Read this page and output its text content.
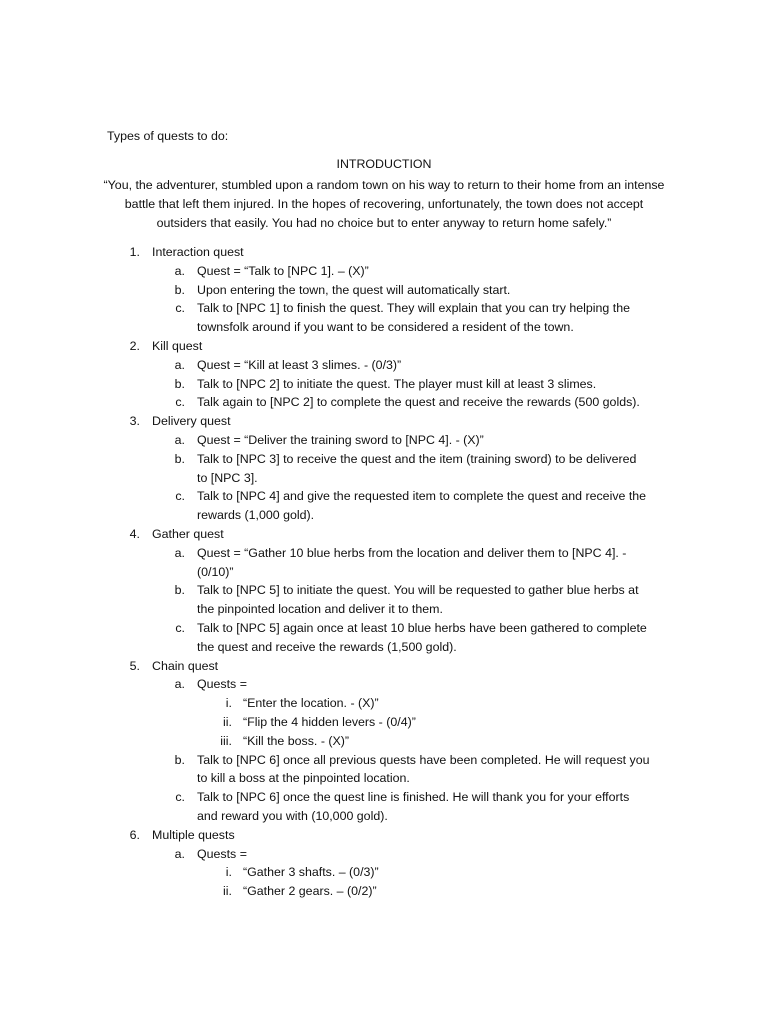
Types of quests to do:

INTRODUCTION

“You, the adventurer, stumbled upon a random town on his way to return to their home from an intense battle that left them injured. In the hopes of recovering, unfortunately, the town does not accept outsiders that easily. You had no choice but to enter anyway to return home safely.”

1. Interaction quest
a. Quest = “Talk to [NPC 1]. – (X)”
b. Upon entering the town, the quest will automatically start.
c. Talk to [NPC 1] to finish the quest. They will explain that you can try helping the
townsfolk around if you want to be considered a resident of the town.
2. Kill quest
a. Quest = “Kill at least 3 slimes. - (0/3)”
b. Talk to [NPC 2] to initiate the quest. The player must kill at least 3 slimes.
c. Talk again to [NPC 2] to complete the quest and receive the rewards (500 golds).
3. Delivery quest
a. Quest = “Deliver the training sword to [NPC 4]. - (X)”
b. Talk to [NPC 3] to receive the quest and the item (training sword) to be delivered
to [NPC 3].
c. Talk to [NPC 4] and give the requested item to complete the quest and receive the
rewards (1,000 gold).
4. Gather quest
a. Quest = “Gather 10 blue herbs from the location and deliver them to [NPC 4]. -
(0/10)”
b. Talk to [NPC 5] to initiate the quest. You will be requested to gather blue herbs at
the pinpointed location and deliver it to them.
c. Talk to [NPC 5] again once at least 10 blue herbs have been gathered to complete
the quest and receive the rewards (1,500 gold).
5. Chain quest
a. Quests =
i. “Enter the location. - (X)”
ii. “Flip the 4 hidden levers - (0/4)”
iii. “Kill the boss. - (X)”
b. Talk to [NPC 6] once all previous quests have been completed. He will request you
to kill a boss at the pinpointed location.
c. Talk to [NPC 6] once the quest line is finished. He will thank you for your efforts
and reward you with (10,000 gold).
6. Multiple quests
a. Quests =
i. “Gather 3 shafts. – (0/3)”
ii. “Gather 2 gears. – (0/2)”
